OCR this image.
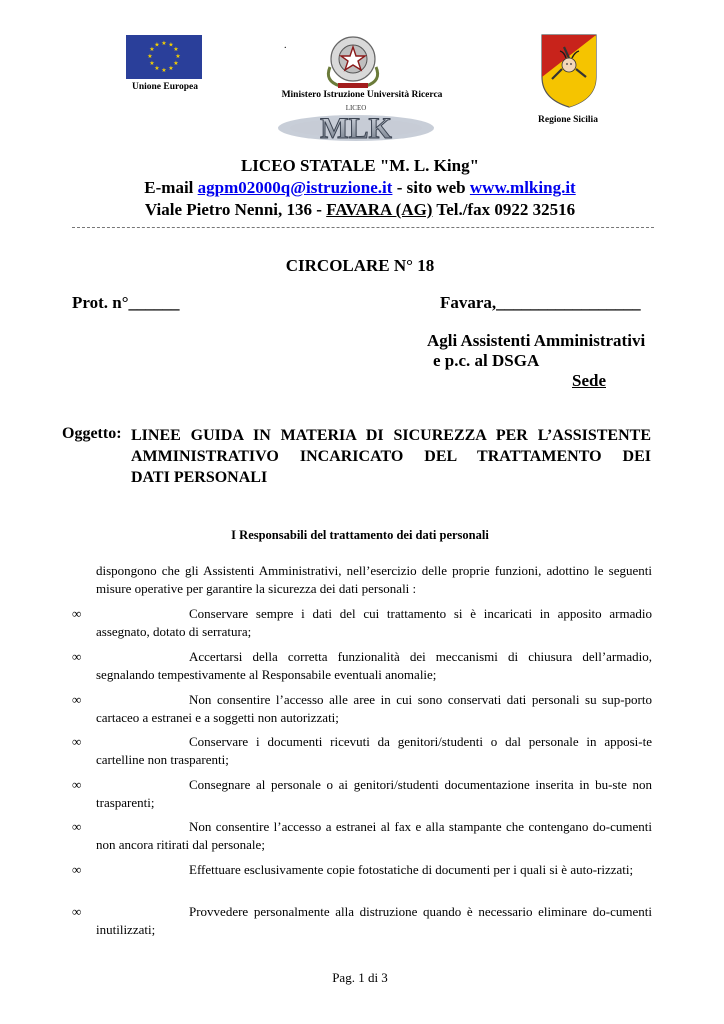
★ ★
★
★
★
★
★
★
★
★
★
★
Unione Europea
.
Ministero Istruzione Università Ricerca
LICEO
MLK	Regione Sicilia
LICEO STATALE "M. L. King"
E-mail agpm02000q@istruzione.it - sito web www.mlking.it
Viale Pietro Nenni, 136 - FAVARA (AG) Tel./fax 0922 32516
CIRCOLARE N° 18
Prot. n°______	Favara,_________________
Agli Assistenti Amministrativi
e p.c. al DSGA
Sede
Oggetto: LINEE GUIDA IN MATERIA DI SICUREZZA PER L’ASSISTENTE
AMMINISTRATIVO INCARICATO DEL TRATTAMENTO DEI
DATI PERSONALI
I Responsabili del trattamento dei dati personali
dispongono che gli Assistenti Amministrativi, nell’esercizio delle proprie funzioni, adottino le seguenti misure operative per garantire la sicurezza dei dati personali :
∞	Conservare sempre i dati del cui trattamento si è incaricati in apposito armadio assegnato, dotato di serratura;
∞	Accertarsi della corretta funzionalità dei meccanismi di chiusura dell’armadio, segnalando tempestivamente al Responsabile eventuali anomalie;
∞	Non consentire l’accesso alle aree in cui sono conservati dati personali su sup-porto cartaceo a estranei e a soggetti non autorizzati;
∞	Conservare i documenti ricevuti da genitori/studenti o dal personale in apposi-te cartelline non trasparenti;
∞	Consegnare al personale o ai genitori/studenti documentazione inserita in bu-ste non trasparenti;
∞	Non consentire l’accesso a estranei al fax e alla stampante che contengano do-cumenti non ancora ritirati dal personale;
∞	Effettuare esclusivamente copie fotostatiche di documenti per i quali si è auto-rizzati;
∞	Provvedere personalmente alla distruzione quando è necessario eliminare do-cumenti inutilizzati;
Pag. 1 di 3
